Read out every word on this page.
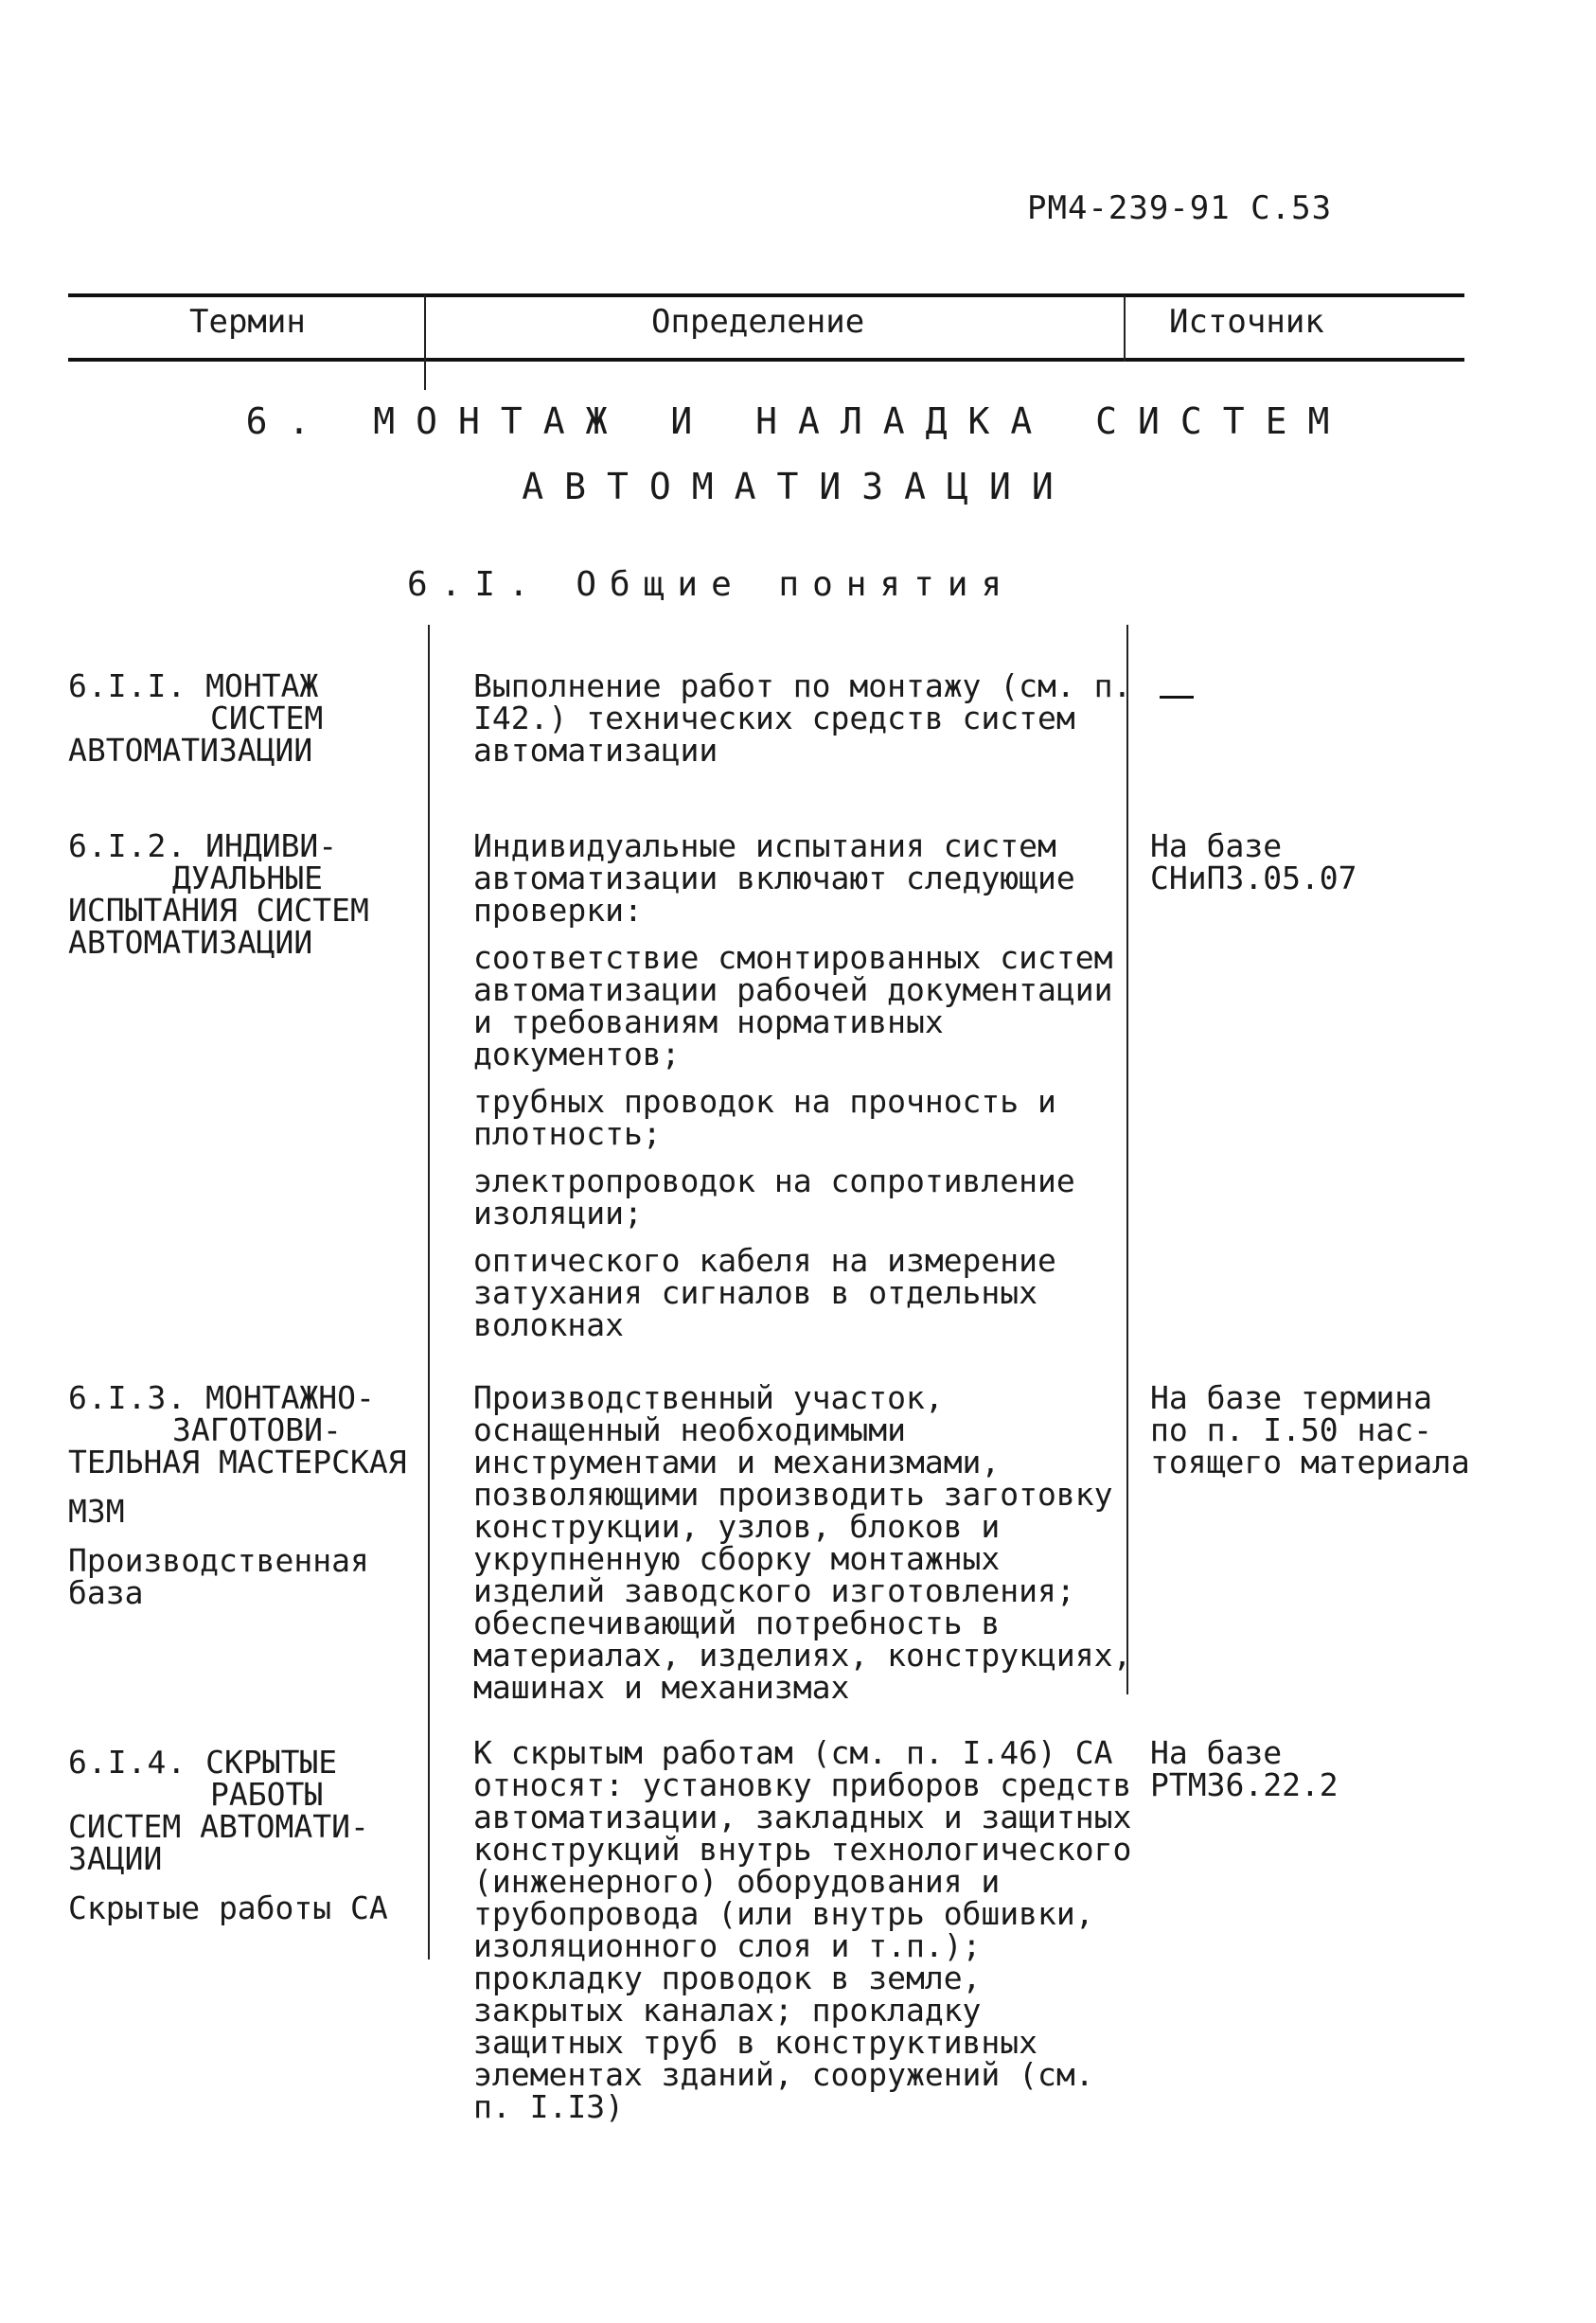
РМ4-239-91 С.53
Термин	Определение	Источник
6. МОНТАЖ И НАЛАДКА СИСТЕМ
АВТОМАТИЗАЦИИ
6.I. Общие понятия
6.I.I. МОНТАЖ
СИСТЕМ
АВТОМАТИЗАЦИИ

Выполнение работ по монтажу (см. п. I42.) технических средств систем автоматизации

6.I.2. ИНДИВИ-
ДУАЛЬНЫЕ
ИСПЫТАНИЯ СИСТЕМ
АВТОМАТИЗАЦИИ

Индивидуальные испытания систем автоматизации включают следующие проверки:

соответствие смонтированных систем автоматизации рабочей документации и требованиям нормативных документов;

трубных проводок на прочность и плотность;

электропроводок на сопротивление изоляции;

оптического кабеля на измерение затухания сигналов в отдельных волокнах

На базе
СНиП3.05.07
6.I.3. МОНТАЖНО-
ЗАГОТОВИ-
ТЕЛЬНАЯ МАСТЕРСКАЯ
МЗМ
Производственная база

Производственный участок, оснащенный необходимыми инструментами и механизмами, позволяющими производить заготовку конструкции, узлов, блоков и укрупненную сборку монтажных изделий заводского изготовления; обеспечивающий потребность в материалах, изделиях, конструкциях, машинах и механизмах

На базе термина
по п. I.50 нас-
тоящего материала
6.I.4. СКРЫТЫЕ
РАБОТЫ
СИСТЕМ АВТОМАТИ-
ЗАЦИИ
Скрытые работы СА

К скрытым работам (см. п. I.46) СА относят: установку приборов средств автоматизации, закладных и защитных конструкций внутрь технологического (инженерного) оборудования и трубопровода (или внутрь обшивки, изоляционного слоя и т.п.); прокладку проводок в земле, закрытых каналах; прокладку защитных труб в конструктивных элементах зданий, сооружений (см. п. I.I3)

На базе
РТМ36.22.2
